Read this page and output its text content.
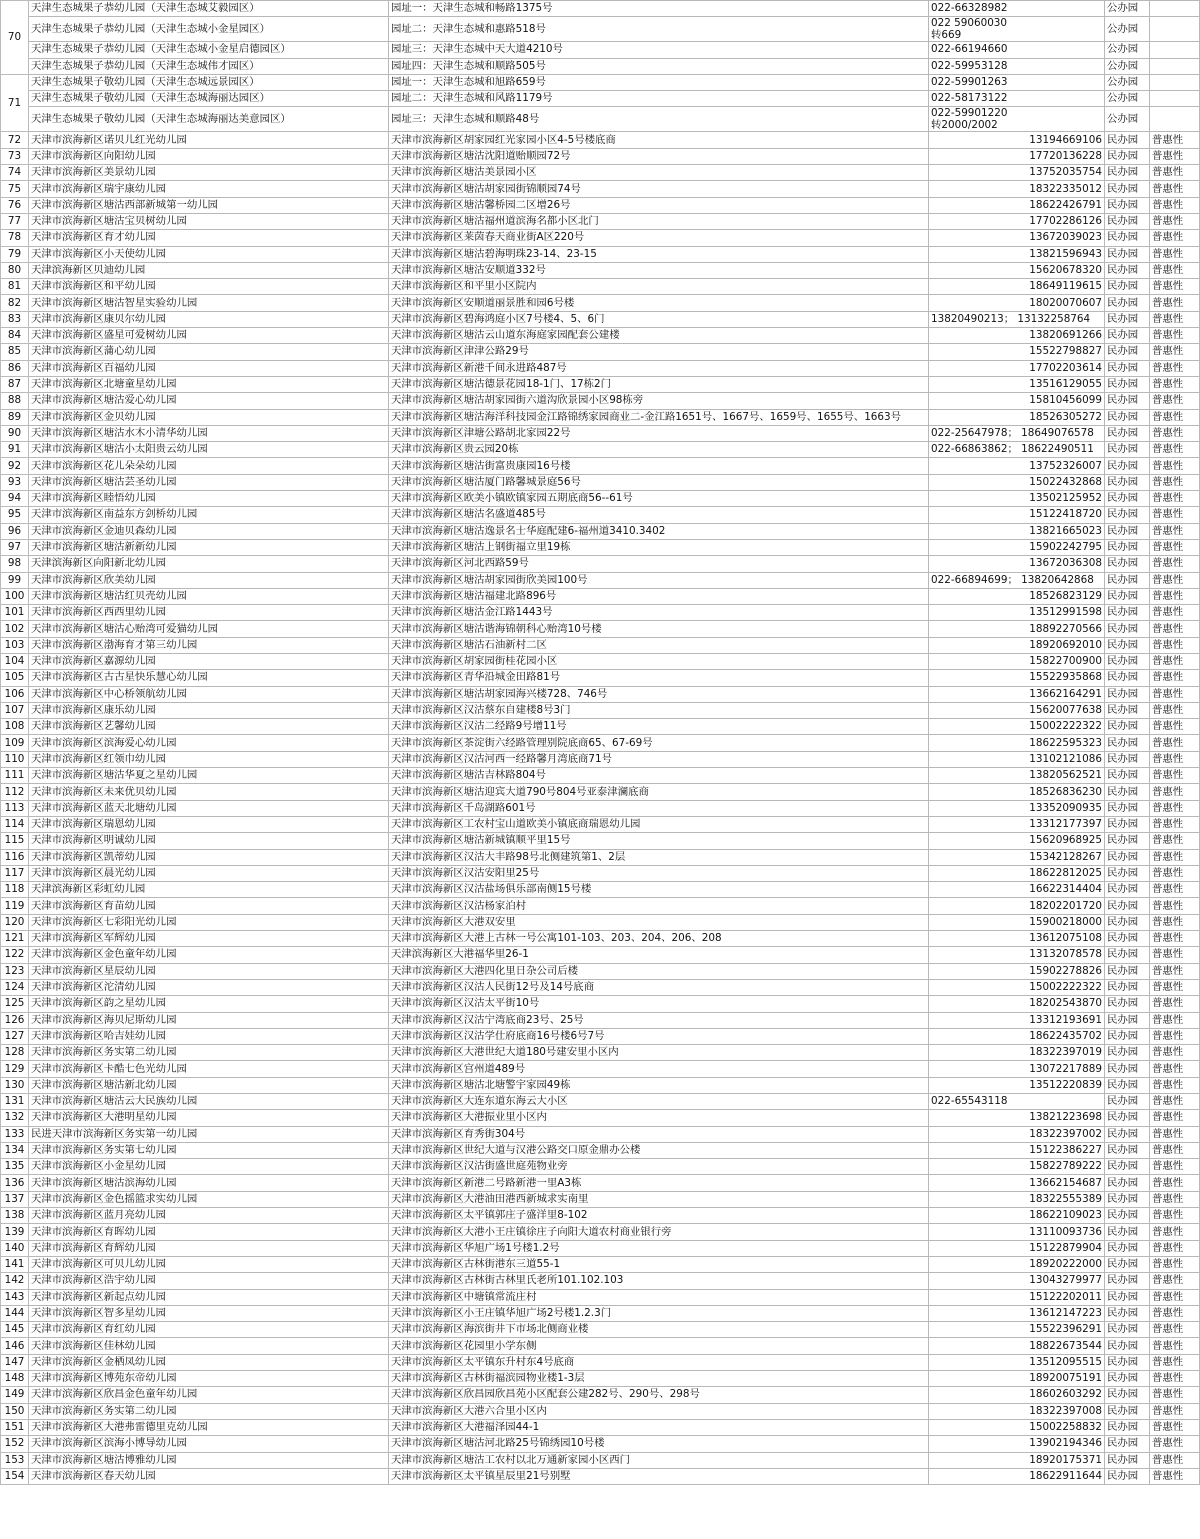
70	天津生态城果子恭幼儿园（天津生态城艾毅园区）	园址一：天津生态城和畅路1375号	022-66328982	公办园	
	天津生态城果子恭幼儿园（天津生态城小金星园区）	园址二：天津生态城和惠路518号	022 59060030
转669	公办园	
	天津生态城果子恭幼儿园（天津生态城小金星启德园区）	园址三：天津生态城中天大道4210号	022-66194660	公办园	
	天津生态城果子恭幼儿园（天津生态城伟才园区）	园址四：天津生态城和顺路505号	022-59953128	公办园	
71	天津生态城果子敬幼儿园（天津生态城远景园区）	园址一：天津生态城和旭路659号	022-59901263	公办园	
	天津生态城果子敬幼儿园（天津生态城海丽达园区）	园址二：天津生态城和风路1179号	022-58173122	公办园	
	天津生态城果子敬幼儿园（天津生态城海丽达美意园区）	园址三：天津生态城和顺路48号	022-59901220
转2000/2002	公办园	
72	天津市滨海新区诺贝儿红光幼儿园	天津市滨海新区胡家园红光家园小区4-5号楼底商	13194669106	民办园	普惠性
73	天津市滨海新区向阳幼儿园	天津市滨海新区塘沽沈阳道贻顺园72号	17720136228	民办园	普惠性
74	天津市滨海新区美景幼儿园	天津市滨海新区塘沽美景园小区	13752035754	民办园	普惠性
75	天津市滨海新区瑞宇康幼儿园	天津市滨海新区塘沽胡家园街锦顺园74号	18322335012	民办园	普惠性
76	天津市滨海新区塘沽西部新城第一幼儿园	天津市滨海新区塘沽馨桥园二区增26号	18622426791	民办园	普惠性
77	天津市滨海新区塘沽宝贝树幼儿园	天津市滨海新区塘沽福州道滨海名都小区北门	17702286126	民办园	普惠性
78	天津市滨海新区育才幼儿园	天津市滨海新区莱茵春天商业街A区220号	13672039023	民办园	普惠性
79	天津市滨海新区小天使幼儿园	天津市滨海新区塘沽碧海明珠23-14、23-15	13821596943	民办园	普惠性
80	天津滨海新区贝迪幼儿园	天津市滨海新区塘沽安顺道332号	15620678320	民办园	普惠性
81	天津市滨海新区和平幼儿园	天津市滨海新区和平里小区院内	18649119615	民办园	普惠性
82	天津市滨海新区塘沽智星实验幼儿园	天津市滨海新区安顺道丽景胜和园6号楼	18020070607	民办园	普惠性
83	天津市滨海新区康贝尔幼儿园	天津市滨海新区碧海鸿庭小区7号楼4、5、6门	13820490213； 13132258764	民办园	普惠性
84	天津市滨海新区盛星可爱树幼儿园	天津市滨海新区塘沽云山道东海庭家园配套公建楼	13820691266	民办园	普惠性
85	天津市滨海新区蒲心幼儿园	天津市滨海新区津津公路29号	15522798827	民办园	普惠性
86	天津市滨海新区百福幼儿园	天津市滨海新区新港千间永进路487号	17702203614	民办园	普惠性
87	天津市滨海新区北塘童星幼儿园	天津市滨海新区塘沽德景花园18-1门、17栋2门	13516129055	民办园	普惠性
88	天津市滨海新区塘沽爱心幼儿园	天津市滨海新区塘沽胡家园街六道沟欣景园小区98栋旁	15810456099	民办园	普惠性
89	天津市滨海新区金贝幼儿园	天津市滨海新区塘沽海洋科技园金江路锦绣家园商业二-金江路1651号、1667号、1659号、1655号、1663号	18526305272	民办园	普惠性
90	天津市滨海新区塘沽水木小清华幼儿园	天津市滨海新区津塘公路胡北家园22号	022-25647978； 18649076578	民办园	普惠性
91	天津市滨海新区塘沽小太阳贵云幼儿园	天津市滨海新区贵云园20栋	022-66863862； 18622490511	民办园	普惠性
92	天津市滨海新区花儿朵朵幼儿园	天津市滨海新区塘沽街富贵康园16号楼	13752326007	民办园	普惠性
93	天津市滨海新区塘沽芸圣幼儿园	天津市滨海新区塘沽厦门路馨城景庭56号	15022432868	民办园	普惠性
94	天津市滨海新区睦悟幼儿园	天津市滨海新区欧美小镇欧镇家园五期底商56--61号	13502125952	民办园	普惠性
95	天津市滨海新区南益东方剑桥幼儿园	天津市滨海新区塘沽名盛道485号	15122418720	民办园	普惠性
96	天津市滨海新区金迪贝森幼儿园	天津市滨海新区塘沽逸景名士华庭配建6-福州道3410.3402	13821665023	民办园	普惠性
97	天津市滨海新区塘沽新新幼儿园	天津市滨海新区塘沽上钢街福立里19栋	15902242795	民办园	普惠性
98	天津滨海新区向阳新北幼儿园	天津市滨海新区河北西路59号	13672036308	民办园	普惠性
99	天津市滨海新区欣美幼儿园	天津市滨海新区塘沽胡家园街欣美园100号	022-66894699； 13820642868	民办园	普惠性
100	天津市滨海新区塘沽红贝壳幼儿园	天津市滨海新区塘沽福建北路896号	18526823129	民办园	普惠性
101	天津市滨海新区西西里幼儿园	天津市滨海新区塘沽金江路1443号	13512991598	民办园	普惠性
102	天津市滨海新区塘沽心贻湾可爱猫幼儿园	天津市滨海新区塘沽谐海锦朝科心贻湾10号楼	18892270566	民办园	普惠性
103	天津市滨海新区渤海育才第三幼儿园	天津市滨海新区塘沽石油新村二区	18920692010	民办园	普惠性
104	天津市滨海新区嘉源幼儿园	天津市滨海新区胡家园街桂花园小区	15822700900	民办园	普惠性
105	天津市滨海新区古古星快乐慧心幼儿园	天津市滨海新区青华沿城金田路81号	15522935868	民办园	普惠性
106	天津市滨海新区中心桥领航幼儿园	天津市滨海新区塘沽胡家园海兴楼728、746号	13662164291	民办园	普惠性
107	天津市滨海新区康乐幼儿园	天津市滨海新区汉沽蔡东自建楼8号3门	15620077638	民办园	普惠性
108	天津市滨海新区艺馨幼儿园	天津市滨海新区汉沽二经路9号增11号	15002222322	民办园	普惠性
109	天津市滨海新区滨海爱心幼儿园	天津市滨海新区茶淀街六经路管理别院底商65、67-69号	18622595323	民办园	普惠性
110	天津市滨海新区红领巾幼儿园	天津市滨海新区汉沽河西一经路馨月湾底商71号	13102121086	民办园	普惠性
111	天津市滨海新区塘沽华夏之星幼儿园	天津市滨海新区塘沽吉林路804号	13820562521	民办园	普惠性
112	天津市滨海新区未来优贝幼儿园	天津市滨海新区塘沽迎宾大道790号804号亚泰津澜底商	18526836230	民办园	普惠性
113	天津市滨海新区蓝天北塘幼儿园	天津市滨海新区千岛湖路601号	13352090935	民办园	普惠性
114	天津市滨海新区瑞恩幼儿园	天津市滨海新区工农村宝山道欧美小镇底商瑞恩幼儿园	13312177397	民办园	普惠性
115	天津市滨海新区明诚幼儿园	天津市滨海新区塘沽新城镇顺平里15号	15620968925	民办园	普惠性
116	天津市滨海新区凯蒂幼儿园	天津市滨海新区汉沽大丰路98号北侧建筑第1、2层	15342128267	民办园	普惠性
117	天津市滨海新区晨光幼儿园	天津市滨海新区汉沽安阳里25号	18622812025	民办园	普惠性
118	天津滨海新区彩虹幼儿园	天津市滨海新区汉沽盐场俱乐部南侧15号楼	16622314404	民办园	普惠性
119	天津市滨海新区育苗幼儿园	天津市滨海新区汉沽杨家泊村	18202201720	民办园	普惠性
120	天津市滨海新区七彩阳光幼儿园	天津市滨海新区大港双安里	15900218000	民办园	普惠性
121	天津市滨海新区军辉幼儿园	天津市滨海新区大港上古林一号公寓101-103、203、204、206、208	13612075108	民办园	普惠性
122	天津市滨海新区金色童年幼儿园	天津滨海新区大港福华里26-1	13132078578	民办园	普惠性
123	天津市滨海新区星辰幼儿园	天津市滨海新区大港四化里日杂公司后楼	15902278826	民办园	普惠性
124	天津市滨海新区沱清幼儿园	天津市滨海新区汉沽人民街12号及14号底商	15002222322	民办园	普惠性
125	天津市滨海新区韵之星幼儿园	天津市滨海新区汉沽太平街10号	18202543870	民办园	普惠性
126	天津市滨海新区海贝尼斯幼儿园	天津市滨海新区汉沽宁湾底商23号、25号	13312193691	民办园	普惠性
127	天津市滨海新区哈吉娃幼儿园	天津市滨海新区汉沽学仕府底商16号楼6号7号	18622435702	民办园	普惠性
128	天津市滨海新区务实第二幼儿园	天津市滨海新区大港世纪大道180号建安里小区内	18322397019	民办园	普惠性
129	天津市滨海新区卡酷七色光幼儿园	天津市滨海新区宫州道489号	13072217889	民办园	普惠性
130	天津市滨海新区塘沽新北幼儿园	天津市滨海新区塘沽北塘警宇家园49栋	13512220839	民办园	普惠性
131	天津市滨海新区塘沽云大民族幼儿园	天津市滨海新区大连东道东海云大小区	022-65543118	民办园	普惠性
132	天津市滨海新区大港明星幼儿园	天津市滨海新区大港振业里小区内	13821223698	民办园	普惠性
133	民进天津市滨海新区务实第一幼儿园	天津市滨海新区育秀街304号	18322397002	民办园	普惠性
134	天津市滨海新区务实第七幼儿园	天津市滨海新区世纪大道与汉港公路交口原金鼎办公楼	15122386227	民办园	普惠性
135	天津市滨海新区小金星幼儿园	天津市滨海新区汉沽街盛世庭苑物业旁	15822789222	民办园	普惠性
136	天津市滨海新区塘沽滨海幼儿园	天津市滨海新区新港二号路新港一里A3栋	13662154687	民办园	普惠性
137	天津市滨海新区金色摇篮求实幼儿园	天津市滨海新区大港油田港西新城求实南里	18322555389	民办园	普惠性
138	天津市滨海新区蓝月亮幼儿园	天津市滨海新区太平镇郭庄子盛洋里8-102	18622109023	民办园	普惠性
139	天津市滨海新区育晖幼儿园	天津市滨海新区大港小王庄镇徐庄子向阳大道农村商业银行旁	13110093736	民办园	普惠性
140	天津市滨海新区育辉幼儿园	天津市滨海新区华旭广场1号楼1.2号	15122879904	民办园	普惠性
141	天津市滨海新区可贝儿幼儿园	天津市滨海新区古林街港东三道55-1	18920222000	民办园	普惠性
142	天津市滨海新区浩宇幼儿园	天津市滨海新区古林街古林里氏老所101.102.103	13043279977	民办园	普惠性
143	天津市滨海新区新起点幼儿园	天津市滨海新区中塘镇常流庄村	15122202011	民办园	普惠性
144	天津市滨海新区智多星幼儿园	天津市滨海新区小王庄镇华旭广场2号楼1.2.3门	13612147223	民办园	普惠性
145	天津市滨海新区育红幼儿园	天津市滨海新区海滨街井下市场北侧商业楼	15522396291	民办园	普惠性
146	天津市滨海新区佳林幼儿园	天津市滨海新区花园里小学东侧	18822673544	民办园	普惠性
147	天津市滨海新区金栖凤幼儿园	天津市滨海新区太平镇东升村东4号底商	13512095515	民办园	普惠性
148	天津市滨海新区博苑东帝幼儿园	天津市滨海新区古林街福滨园物业楼1-3层	18920075191	民办园	普惠性
149	天津市滨海新区欣昌金色童年幼儿园	天津市滨海新区欣昌园欣昌苑小区配套公建282号、290号、298号	18602603292	民办园	普惠性
150	天津市滨海新区务实第二幼儿园	天津市滨海新区大港六合里小区内	18322397008	民办园	普惠性
151	天津市滨海新区大港弗雷德里克幼儿园	天津市滨海新区大港福泽园44-1	15002258832	民办园	普惠性
152	天津市滨海新区滨海小博导幼儿园	天津市滨海新区塘沽河北路25号锦绣园10号楼	13902194346	民办园	普惠性
153	天津市滨海新区塘沽博雅幼儿园	天津市滨海新区塘沽工农村以北万通新家园小区西门	18920175371	民办园	普惠性
154	天津市滨海新区春天幼儿园	天津市滨海新区太平镇星辰里21号别墅	18622911644	民办园	普惠性
